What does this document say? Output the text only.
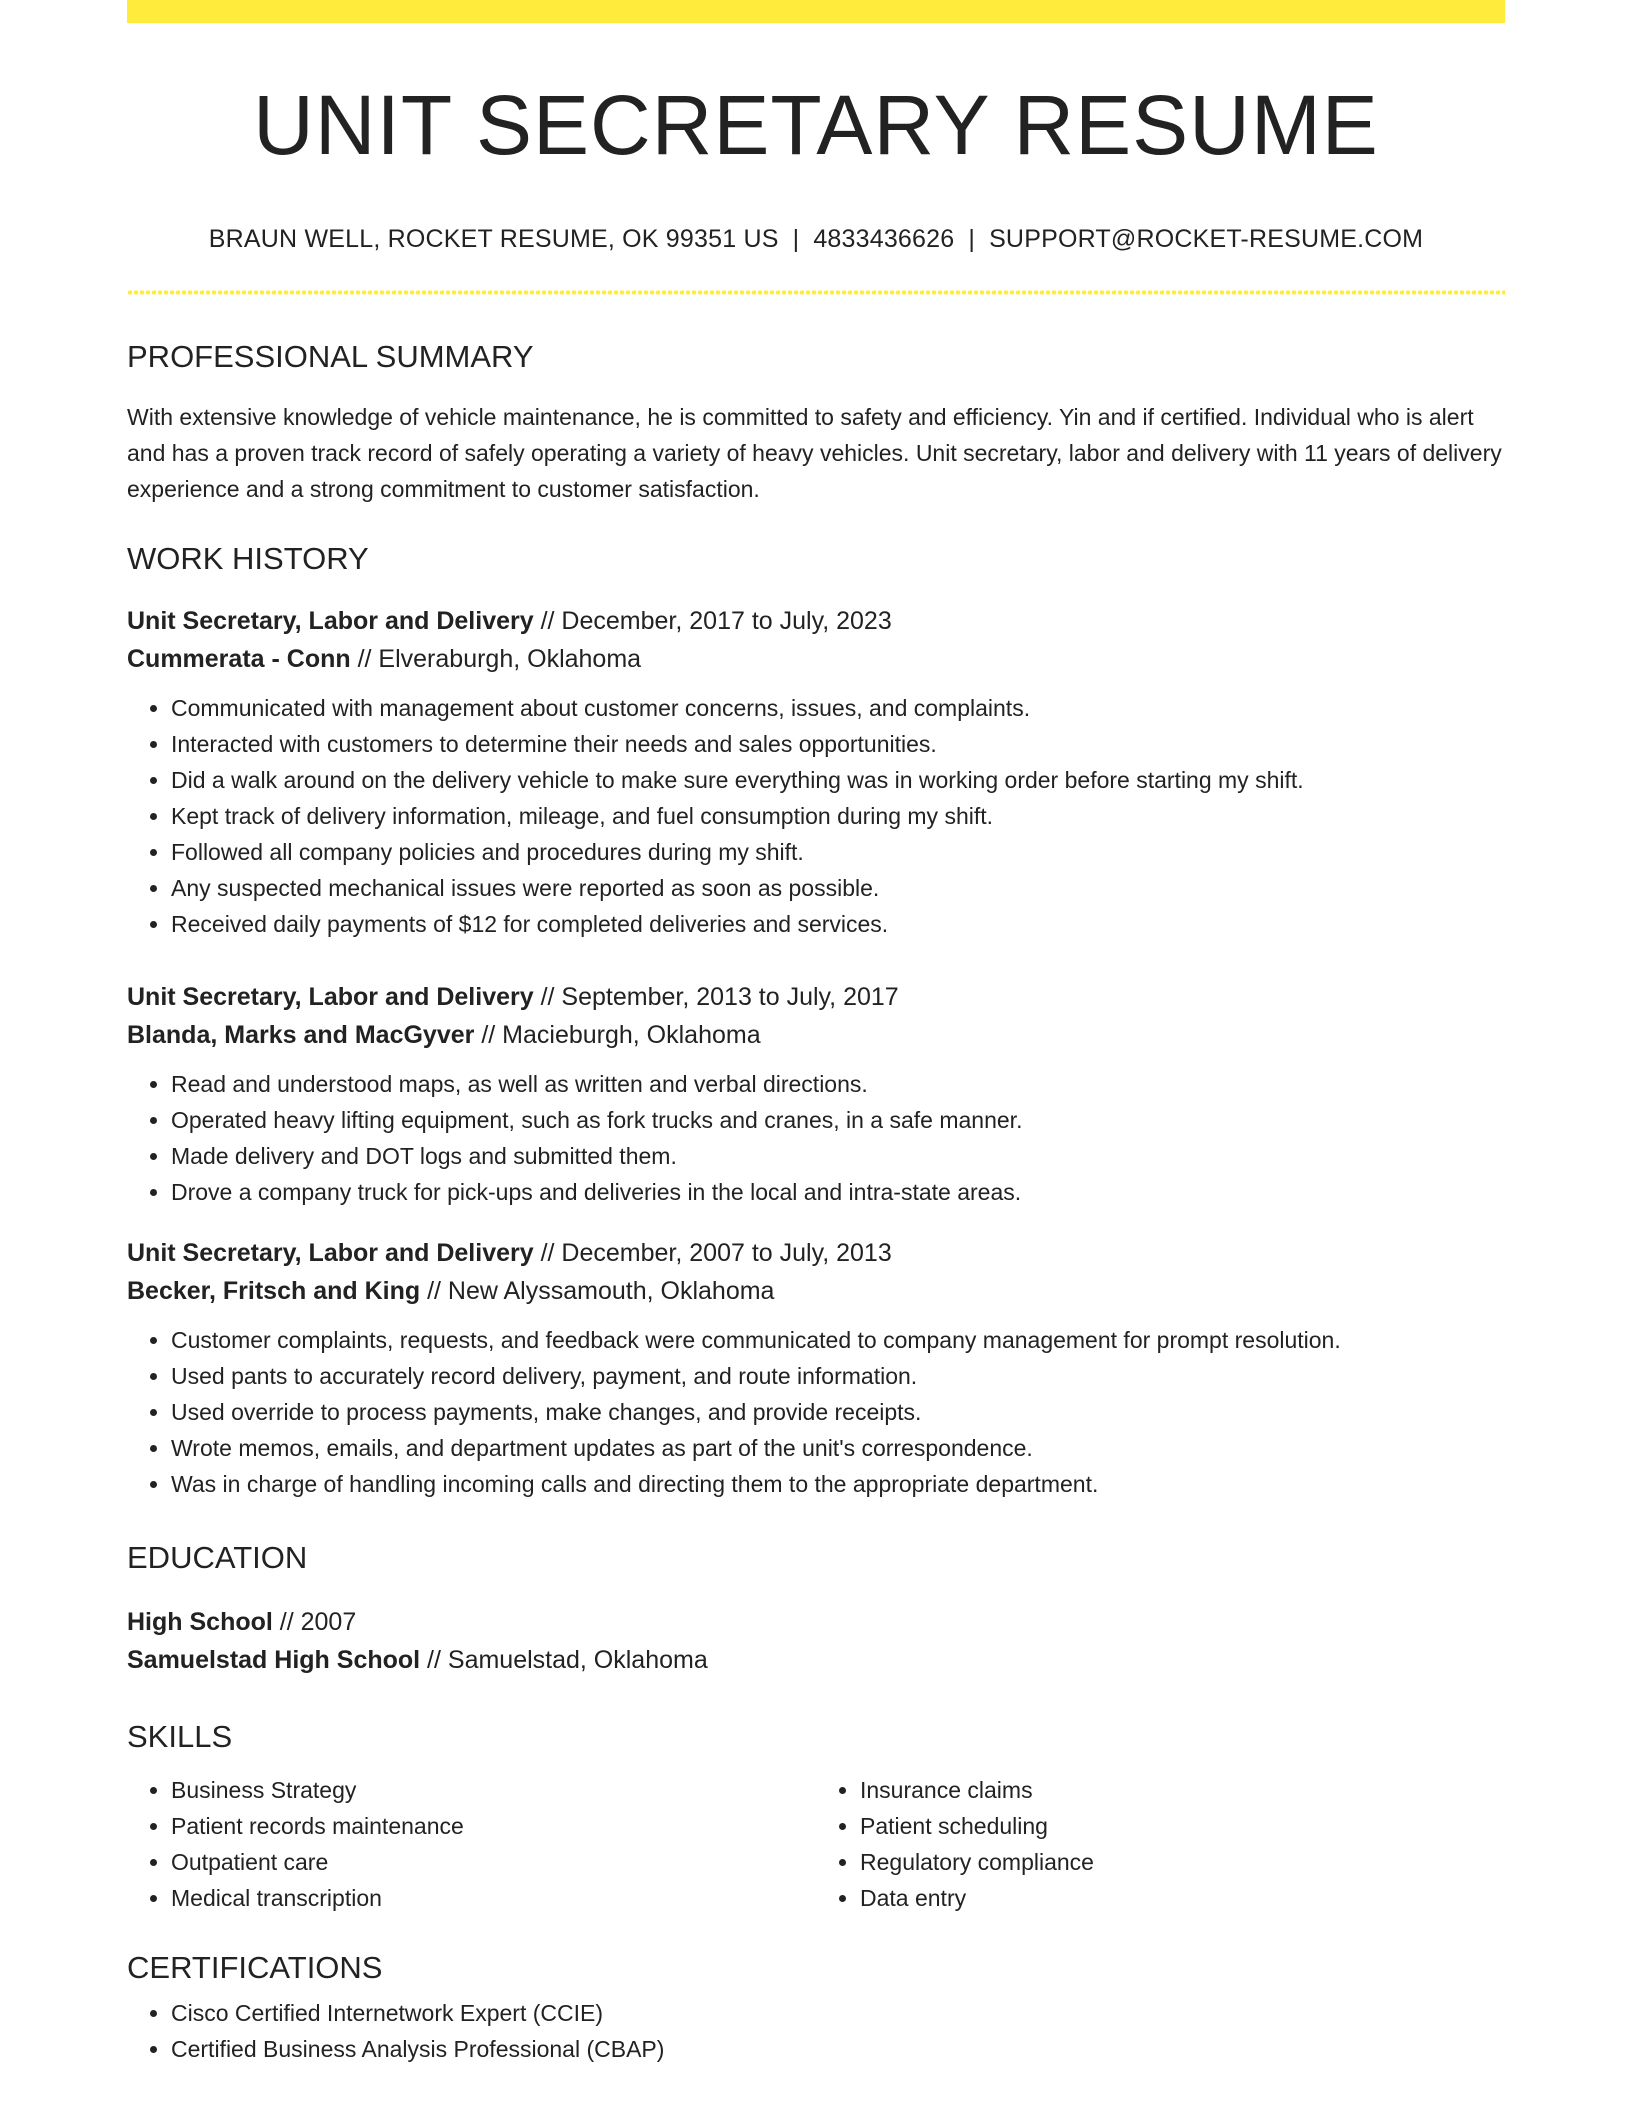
UNIT SECRETARY RESUME
BRAUN WELL, ROCKET RESUME, OK 99351 US | 4833436626 | SUPPORT@ROCKET-RESUME.COM
PROFESSIONAL SUMMARY

With extensive knowledge of vehicle maintenance, he is committed to safety and efficiency. Yin and if certified. Individual who is alert and has a proven track record of safely operating a variety of heavy vehicles. Unit secretary, labor and delivery with 11 years of delivery experience and a strong commitment to customer satisfaction.

WORK HISTORY
Unit Secretary, Labor and Delivery // December, 2017 to July, 2023
Cummerata - Conn // Elveraburgh, Oklahoma
• Communicated with management about customer concerns, issues, and complaints.
• Interacted with customers to determine their needs and sales opportunities.
• Did a walk around on the delivery vehicle to make sure everything was in working order before starting my shift.
• Kept track of delivery information, mileage, and fuel consumption during my shift.
• Followed all company policies and procedures during my shift.
• Any suspected mechanical issues were reported as soon as possible.
• Received daily payments of $12 for completed deliveries and services.
Unit Secretary, Labor and Delivery // September, 2013 to July, 2017
Blanda, Marks and MacGyver // Macieburgh, Oklahoma
• Read and understood maps, as well as written and verbal directions.
• Operated heavy lifting equipment, such as fork trucks and cranes, in a safe manner.
• Made delivery and DOT logs and submitted them.
• Drove a company truck for pick-ups and deliveries in the local and intra-state areas.
Unit Secretary, Labor and Delivery // December, 2007 to July, 2013
Becker, Fritsch and King // New Alyssamouth, Oklahoma
• Customer complaints, requests, and feedback were communicated to company management for prompt resolution.
• Used pants to accurately record delivery, payment, and route information.
• Used override to process payments, make changes, and provide receipts.
• Wrote memos, emails, and department updates as part of the unit's correspondence.
• Was in charge of handling incoming calls and directing them to the appropriate department.
EDUCATION
High School // 2007
Samuelstad High School // Samuelstad, Oklahoma
SKILLS
• Business Strategy
• Patient records maintenance
• Outpatient care
• Medical transcription
• Insurance claims
• Patient scheduling
• Regulatory compliance
• Data entry
CERTIFICATIONS
• Cisco Certified Internetwork Expert (CCIE)
• Certified Business Analysis Professional (CBAP)
